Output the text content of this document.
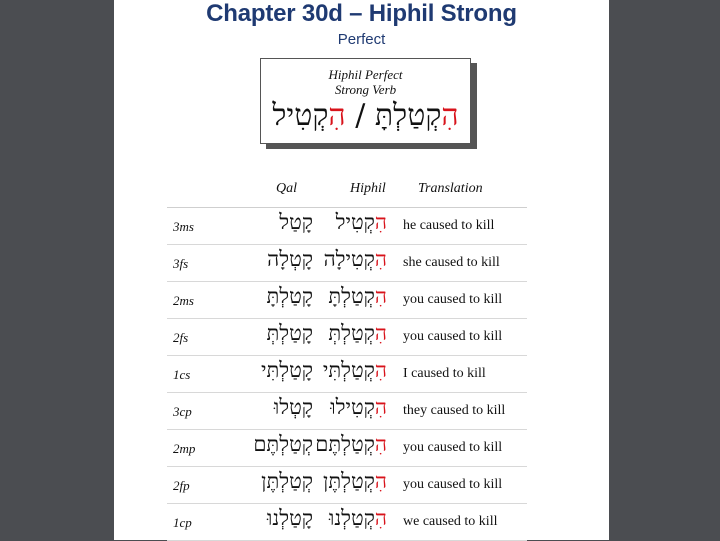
Chapter 30d – Hiphil Strong
Perfect
Hiphil Perfect
Strong Verb
הִקְטַלְתָּ / הִקְטִיל
Qal	Hiphil Translation
3ms	קָטַל	הִקְטִיל	he caused to kill
3fs	קָטְלָה	הִקְטִילָה	she caused to kill
2ms	קָטַלְתָּ	הִקְטַלְתָּ	you caused to kill
2fs	קָטַלְתְּ	הִקְטַלְתְּ	you caused to kill
1cs	קָטַלְתִּי	הִקְטַלְתִּי	I caused to kill
3cp	קָטְלוּ	הִקְטִילוּ	they caused to kill
2mp	קְטַלְתֶּם	הִקְטַלְתֶּם	you caused to kill
2fp	קְטַלְתֶּן	הִקְטַלְתֶּן	you caused to kill
1cp	קָטַלְנוּ	הִקְטַלְנוּ	we caused to kill
